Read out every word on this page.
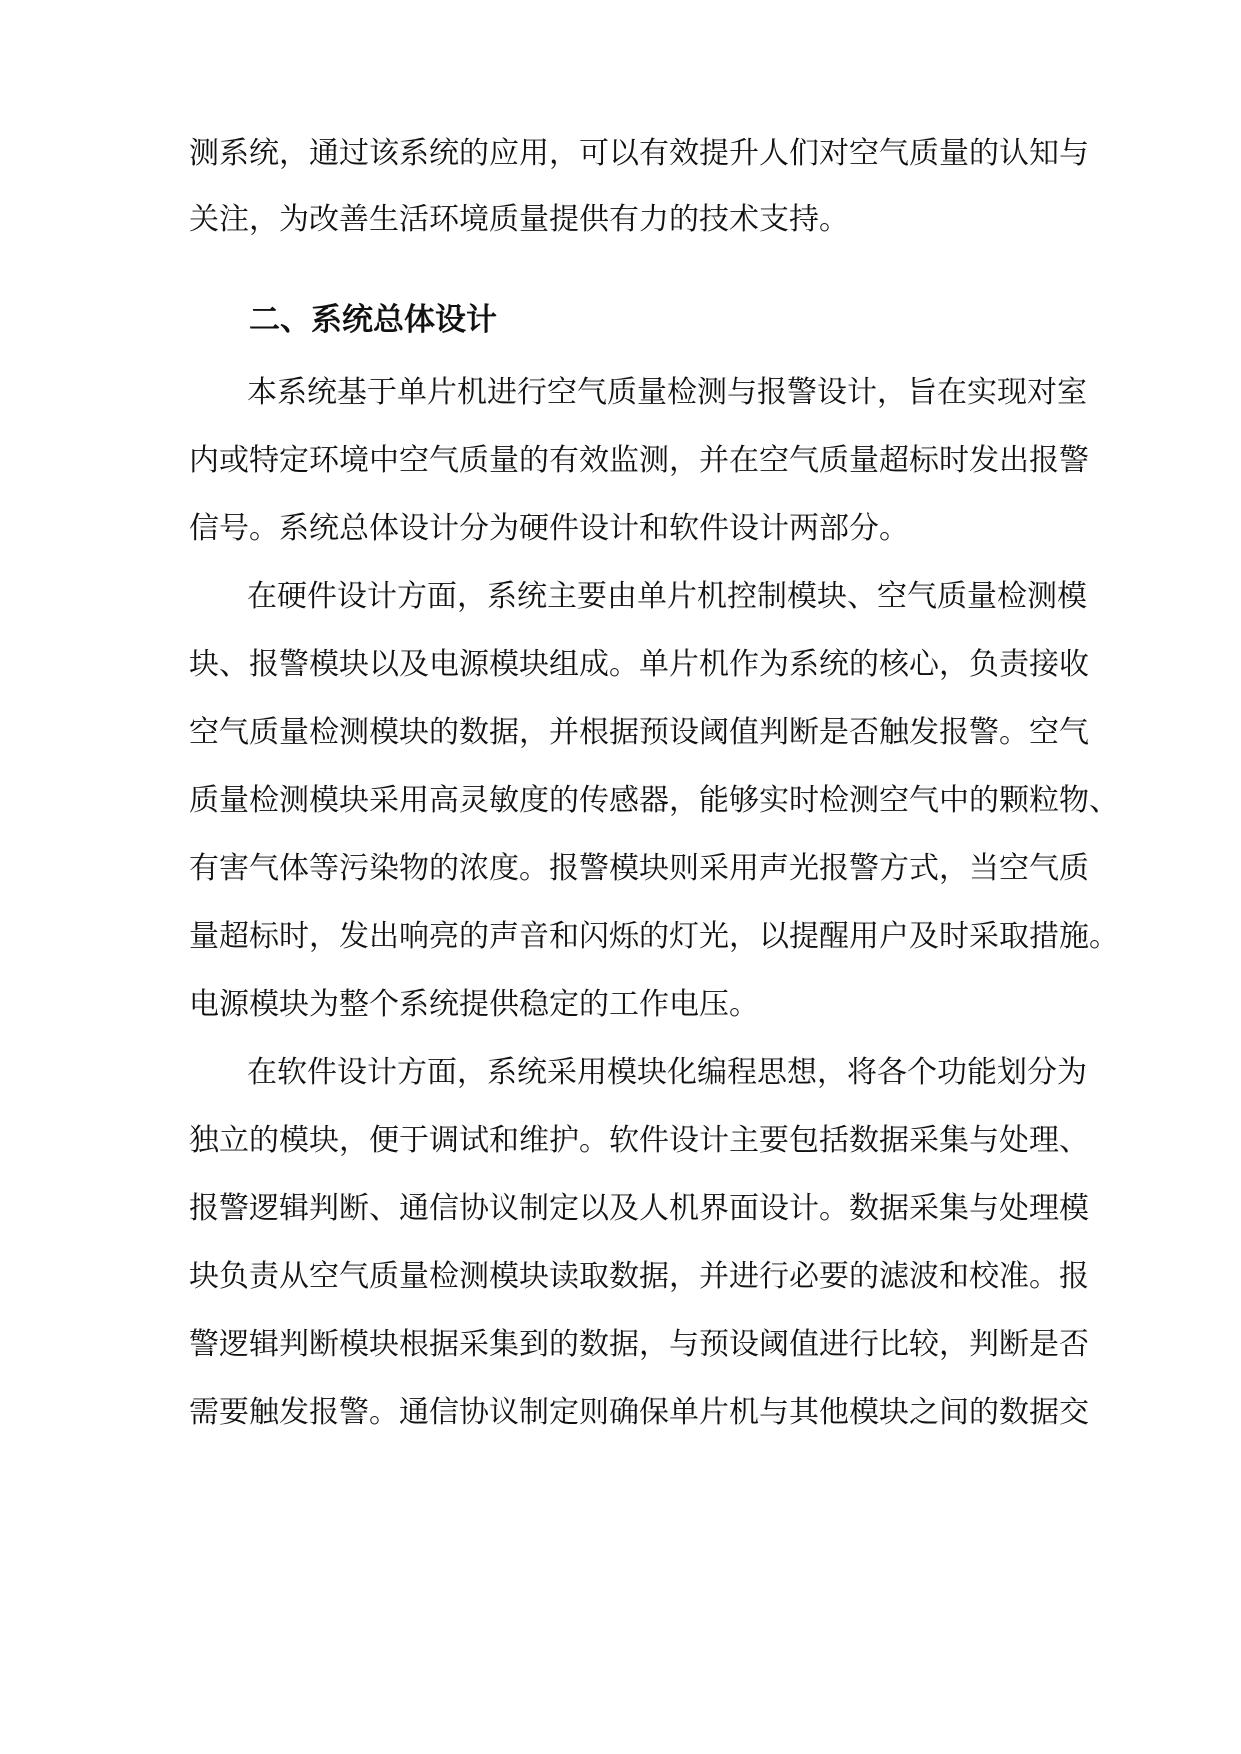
测系统，通过该系统的应用，可以有效提升人们对空气质量的认知与
关注，为改善生活环境质量提供有力的技术支持。
二、系统总体设计
本系统基于单片机进行空气质量检测与报警设计，旨在实现对室
内或特定环境中空气质量的有效监测，并在空气质量超标时发出报警
信号。系统总体设计分为硬件设计和软件设计两部分。
在硬件设计方面，系统主要由单片机控制模块、空气质量检测模
块、报警模块以及电源模块组成。单片机作为系统的核心，负责接收
空气质量检测模块的数据，并根据预设阈值判断是否触发报警。空气
质量检测模块采用高灵敏度的传感器，能够实时检测空气中的颗粒物、
有害气体等污染物的浓度。报警模块则采用声光报警方式，当空气质
量超标时，发出响亮的声音和闪烁的灯光，以提醒用户及时采取措施。
电源模块为整个系统提供稳定的工作电压。
在软件设计方面，系统采用模块化编程思想，将各个功能划分为
独立的模块，便于调试和维护。软件设计主要包括数据采集与处理、
报警逻辑判断、通信协议制定以及人机界面设计。数据采集与处理模
块负责从空气质量检测模块读取数据，并进行必要的滤波和校准。报
警逻辑判断模块根据采集到的数据，与预设阈值进行比较，判断是否
需要触发报警。通信协议制定则确保单片机与其他模块之间的数据交
